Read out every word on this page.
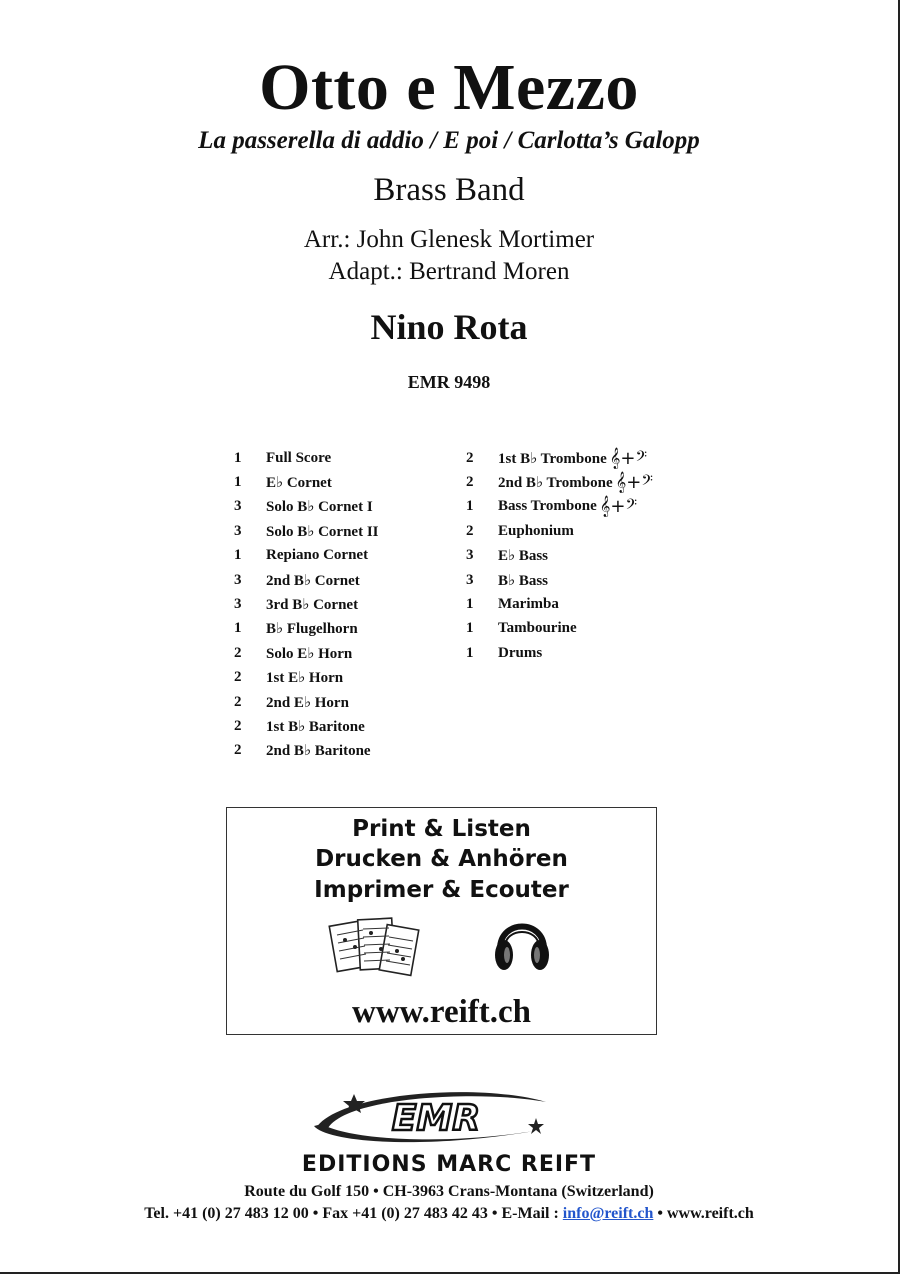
Otto e Mezzo
La passerella di addio / E poi / Carlotta’s Galopp
Brass Band
Arr.: John Glenesk Mortimer
Adapt.: Bertrand Moren
Nino Rota
EMR 9498
1	Full Score
1	E♭ Cornet
3	Solo B♭ Cornet I
3	Solo B♭ Cornet II
1	Repiano Cornet
3	2nd B♭ Cornet
3	3rd B♭ Cornet
1	B♭ Flugelhorn
2	Solo E♭ Horn
2	1st E♭ Horn
2	2nd E♭ Horn
2	1st B♭ Baritone
2	2nd B♭ Baritone
2	1st B♭ Trombone 𝄞+𝄢
2	2nd B♭ Trombone 𝄞+𝄢
1	Bass Trombone 𝄞+𝄢
2	Euphonium
3	E♭ Bass
3	B♭ Bass
1	Marimba
1	Tambourine
1	Drums
Print & Listen
Drucken & Anhören
Imprimer & Ecouter
www.reift.ch
EMR
EDITIONS MARC REIFT
Route du Golf 150 • CH-3963 Crans-Montana (Switzerland)
Tel. +41 (0) 27 483 12 00 • Fax +41 (0) 27 483 42 43 • E-Mail : info@reift.ch • www.reift.ch
